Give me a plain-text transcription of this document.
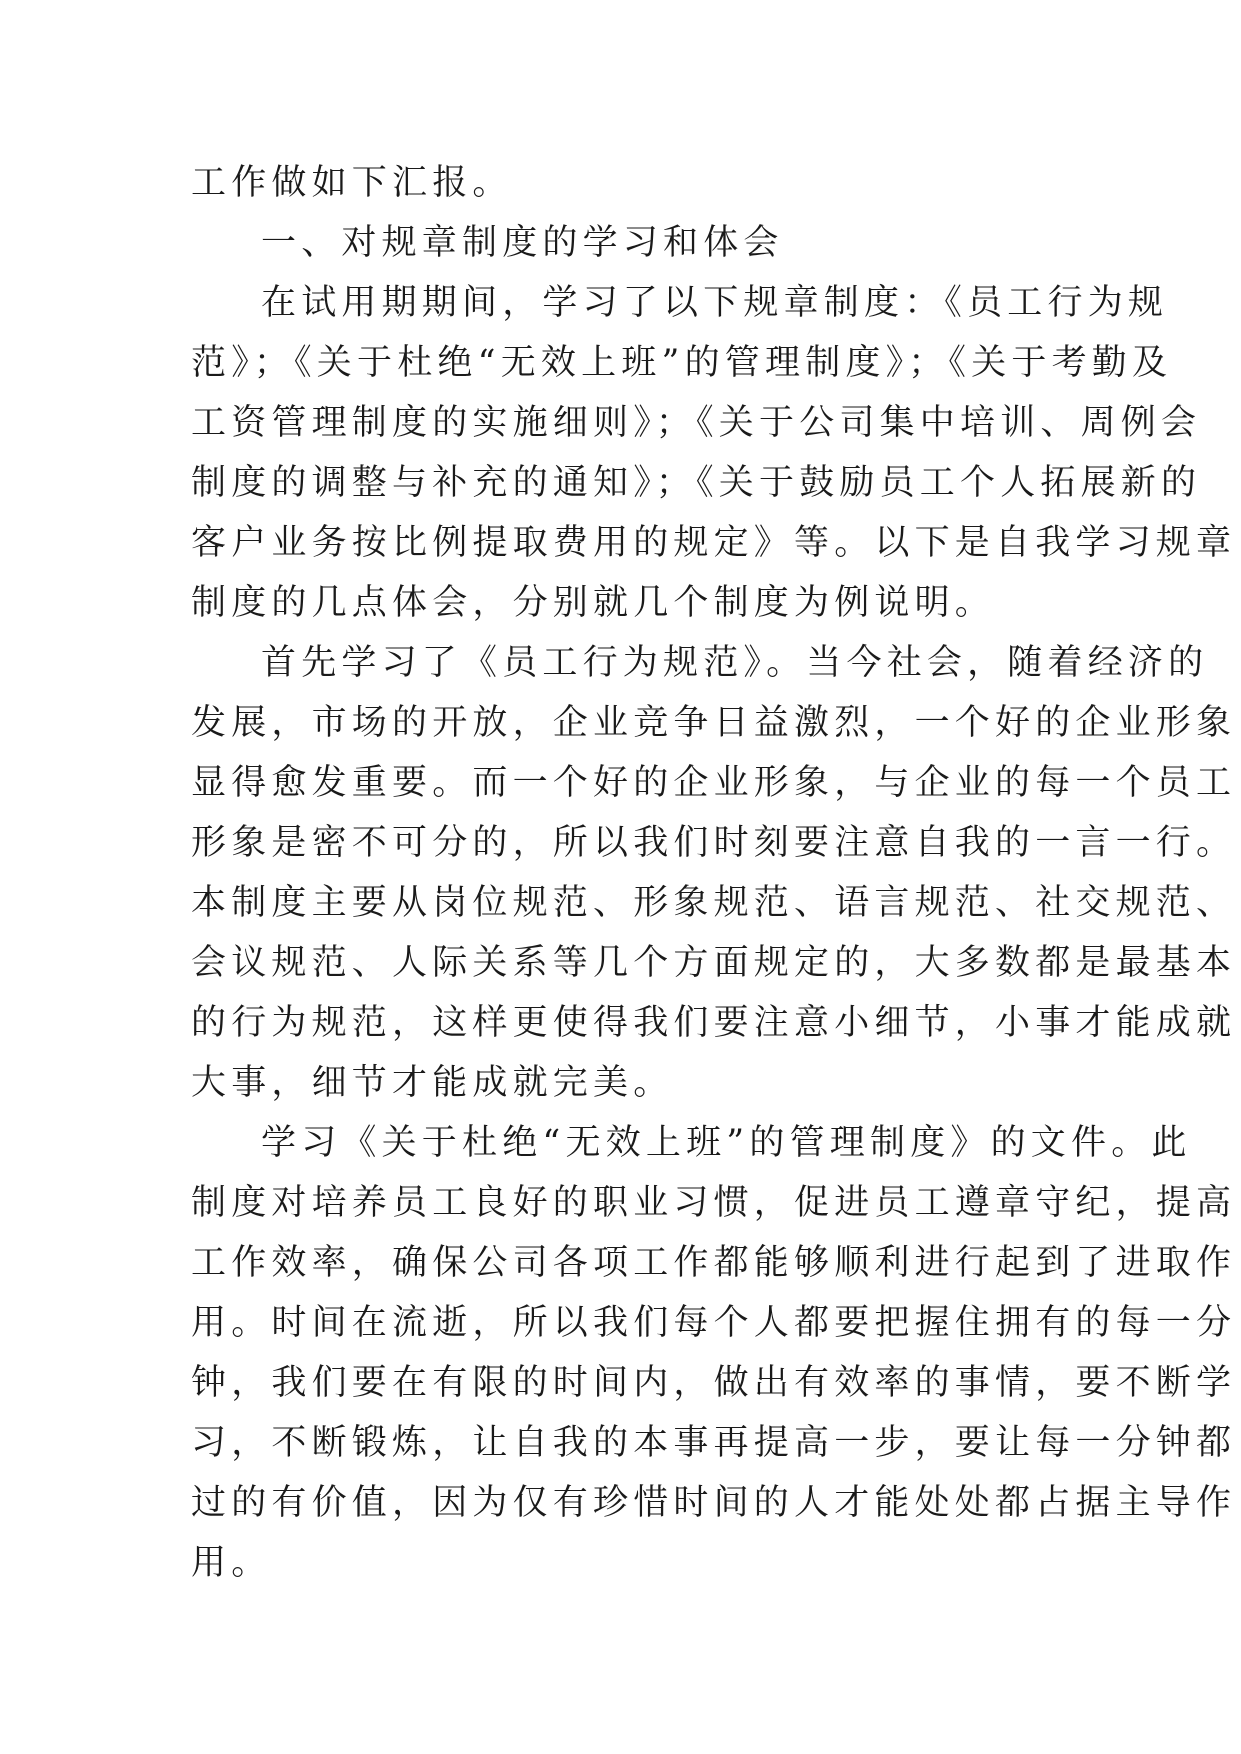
工作做如下汇报。
一、对规章制度的学习和体会
在试用期期间，学习了以下规章制度：《员工行为规
范》；《关于杜绝“无效上班”的管理制度》；《关于考勤及
工资管理制度的实施细则》；《关于公司集中培训、周例会
制度的调整与补充的通知》；《关于鼓励员工个人拓展新的
客户业务按比例提取费用的规定》等。以下是自我学习规章
制度的几点体会，分别就几个制度为例说明。
首先学习了《员工行为规范》。当今社会，随着经济的
发展，市场的开放，企业竞争日益激烈，一个好的企业形象
显得愈发重要。而一个好的企业形象，与企业的每一个员工
形象是密不可分的，所以我们时刻要注意自我的一言一行。
本制度主要从岗位规范、形象规范、语言规范、社交规范、
会议规范、人际关系等几个方面规定的，大多数都是最基本
的行为规范，这样更使得我们要注意小细节，小事才能成就
大事，细节才能成就完美。
学习《关于杜绝“无效上班”的管理制度》的文件。此
制度对培养员工良好的职业习惯，促进员工遵章守纪，提高
工作效率，确保公司各项工作都能够顺利进行起到了进取作
用。时间在流逝，所以我们每个人都要把握住拥有的每一分
钟，我们要在有限的时间内，做出有效率的事情，要不断学
习，不断锻炼，让自我的本事再提高一步，要让每一分钟都
过的有价值，因为仅有珍惜时间的人才能处处都占据主导作
用。
